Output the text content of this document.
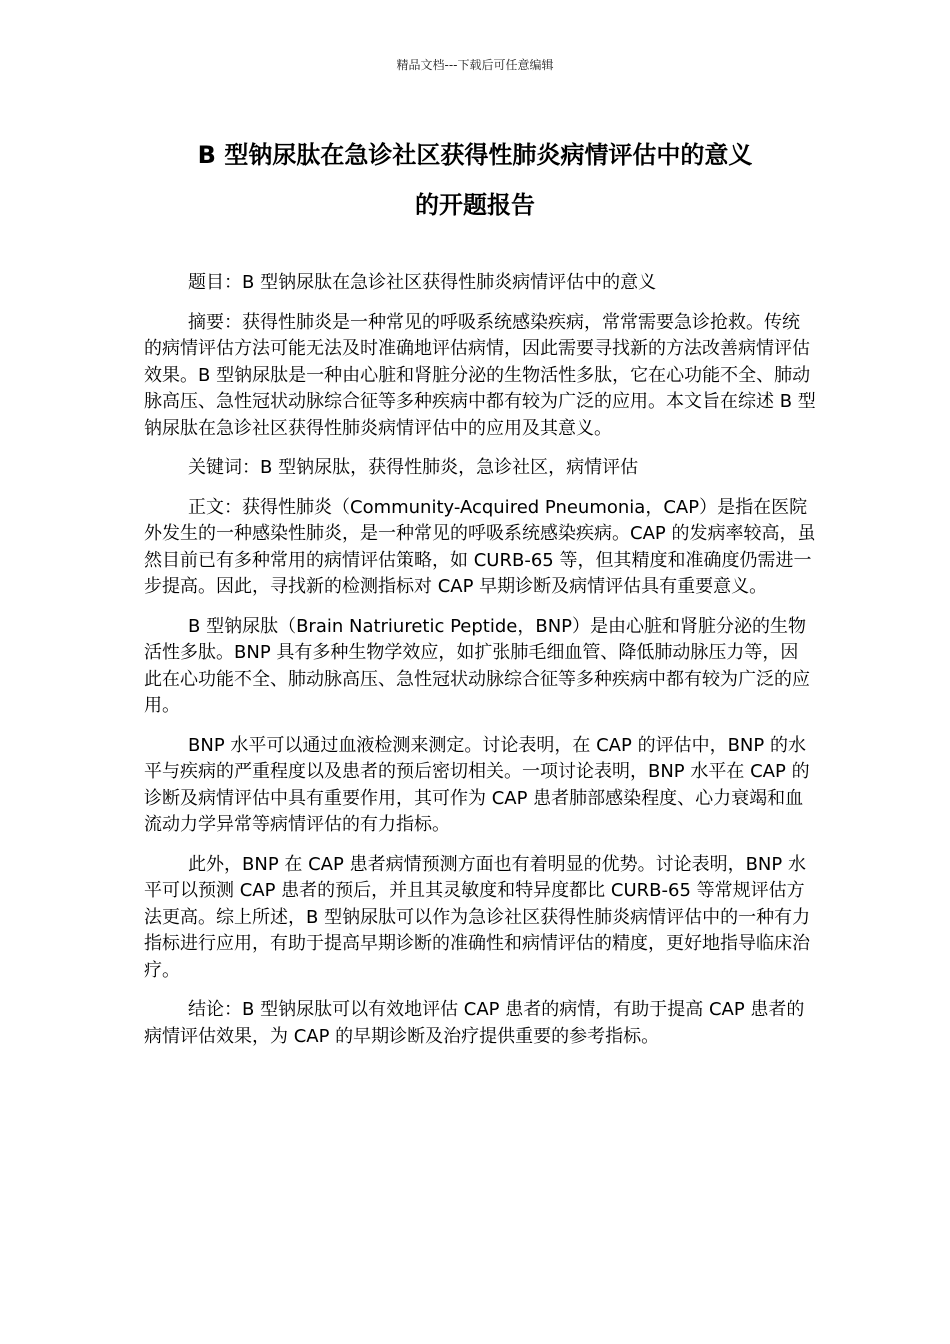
精品文档---下载后可任意编辑
B 型钠尿肽在急诊社区获得性肺炎病情评估中的意义
的开题报告

题目：B 型钠尿肽在急诊社区获得性肺炎病情评估中的意义

摘要：获得性肺炎是一种常见的呼吸系统感染疾病，常常需要急诊抢救。传统的病情评估方法可能无法及时准确地评估病情，因此需要寻找新的方法改善病情评估效果。B 型钠尿肽是一种由心脏和肾脏分泌的生物活性多肽，它在心功能不全、肺动脉高压、急性冠状动脉综合征等多种疾病中都有较为广泛的应用。本文旨在综述 B 型钠尿肽在急诊社区获得性肺炎病情评估中的应用及其意义。

关键词：B 型钠尿肽，获得性肺炎，急诊社区，病情评估

正文：获得性肺炎（Community-Acquired Pneumonia，CAP）是指在医院外发生的一种感染性肺炎，是一种常见的呼吸系统感染疾病。CAP 的发病率较高，虽然目前已有多种常用的病情评估策略，如 CURB-65 等，但其精度和准确度仍需进一步提高。因此，寻找新的检测指标对 CAP 早期诊断及病情评估具有重要意义。

B 型钠尿肽（Brain Natriuretic Peptide，BNP）是由心脏和肾脏分泌的生物活性多肽。BNP 具有多种生物学效应，如扩张肺毛细血管、降低肺动脉压力等，因此在心功能不全、肺动脉高压、急性冠状动脉综合征等多种疾病中都有较为广泛的应用。

BNP 水平可以通过血液检测来测定。讨论表明，在 CAP 的评估中，BNP 的水平与疾病的严重程度以及患者的预后密切相关。一项讨论表明，BNP 水平在 CAP 的诊断及病情评估中具有重要作用，其可作为 CAP 患者肺部感染程度、心力衰竭和血流动力学异常等病情评估的有力指标。

此外，BNP 在 CAP 患者病情预测方面也有着明显的优势。讨论表明，BNP 水平可以预测 CAP 患者的预后，并且其灵敏度和特异度都比 CURB-65 等常规评估方法更高。综上所述，B 型钠尿肽可以作为急诊社区获得性肺炎病情评估中的一种有力指标进行应用，有助于提高早期诊断的准确性和病情评估的精度，更好地指导临床治疗。

结论：B 型钠尿肽可以有效地评估 CAP 患者的病情，有助于提高 CAP 患者的病情评估效果，为 CAP 的早期诊断及治疗提供重要的参考指标。
